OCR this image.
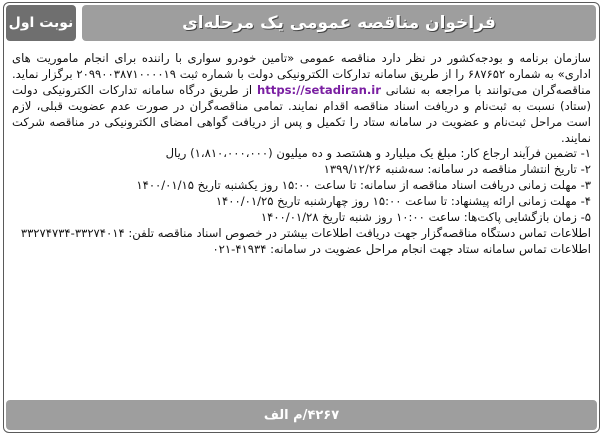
فراخوان مناقصه عمومی یک مرحله‌ای
نوبت اول

سازمان برنامه و بودجه‌کشور در نظر دارد مناقصه عمومی «تامین خودرو سواری با راننده برای انجام ماموریت های اداری» به شماره ۶۸۷۶۵۲ را از طریق سامانه تدارکات الکترونیکی دولت با شماره ثبت ۲۰۹۹۰۰۳۸۷۱۰۰۰۰۱۹ برگزار نماید. مناقصه‌گران می‌توانند با مراجعه به نشانی https://setadiran.ir از طریق درگاه سامانه تدارکات الکترونیکی دولت (ستاد) نسبت به ثبت‌نام و دریافت اسناد مناقصه اقدام نمایند. تمامی مناقصه‌گران در صورت عدم عضویت قبلی، لازم است مراحل ثبت‌نام و عضویت در سامانه ستاد را تکمیل و پس از دریافت گواهی امضای الکترونیکی در مناقصه شرکت نمایند.

۱- تضمین فرآیند ارجاع کار: مبلغ یک میلیارد و هشتصد و ده میلیون (۱،۸۱۰،۰۰۰،۰۰۰) ریال
۲- تاریخ انتشار مناقصه در سامانه: سه‌شنبه ۱۳۹۹/۱۲/۲۶
۳- مهلت زمانی دریافت اسناد مناقصه از سامانه: تا ساعت ۱۵:۰۰ روز یکشنبه تاریخ ۱۴۰۰/۰۱/۱۵
۴- مهلت زمانی ارائه پیشنهاد: تا ساعت ۱۵:۰۰ روز چهارشنبه تاریخ ۱۴۰۰/۰۱/۲۵
۵- زمان بازگشایی پاکت‌ها: ساعت ۱۰:۰۰ روز شنبه تاریخ ۱۴۰۰/۰۱/۲۸

اطلاعات تماس دستگاه مناقصه‌گزار جهت دریافت اطلاعات بیشتر در خصوص اسناد مناقصه تلفن: ۳۳۲۷۴۰۱۴-۳۳۲۷۴۷۳۴

اطلاعات تماس سامانه ستاد جهت انجام مراحل عضویت در سامانه: ۴۱۹۳۴-۰۲۱

۴۲۶۷/م الف
